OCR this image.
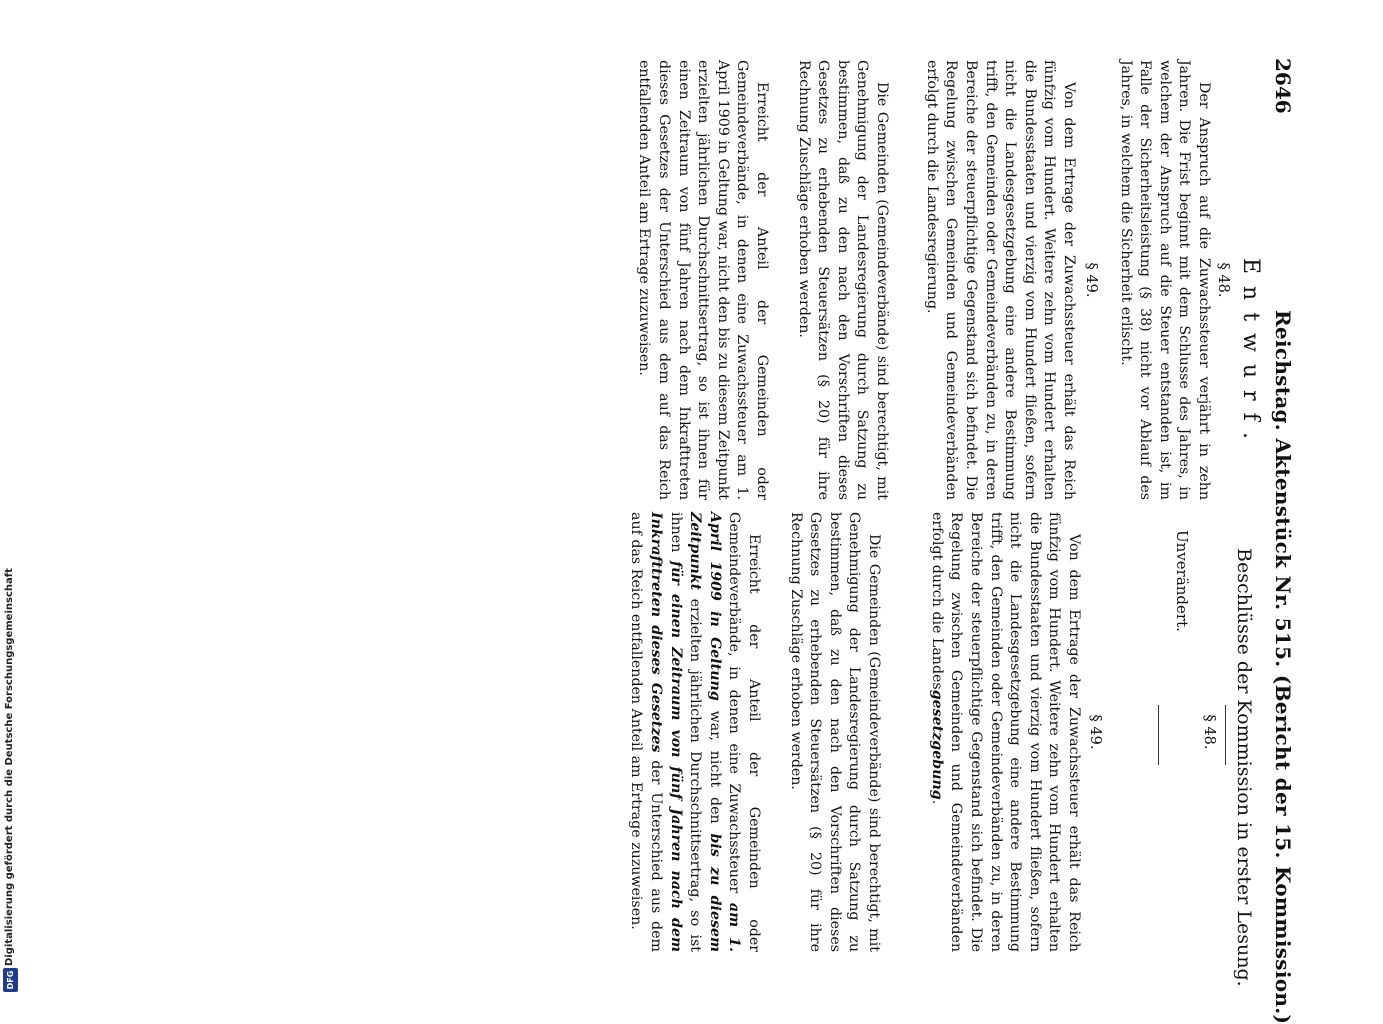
2646
Reichstag. Aktenstück Nr. 515. (Bericht der 15. Kommission.)
Entwurf.
§ 48.

Der Anspruch auf die Zuwachssteuer verjährt in zehn Jahren. Die Frist beginnt mit dem Schlusse des Jahres, in welchem der Anspruch auf die Steuer entstanden ist, im Falle der Sicherheitsleistung (§ 38) nicht vor Ablauf des Jahres, in welchem die Sicherheit erlischt.

§ 49.

Von dem Ertrage der Zuwachssteuer erhält das Reich fünfzig vom Hundert. Weitere zehn vom Hundert erhalten die Bundesstaaten und vierzig vom Hundert fließen, sofern nicht die Landesgesetzgebung eine andere Bestimmung trifft, den Gemeinden oder Gemeindeverbänden zu, in deren Bereiche der steuerpflichtige Gegenstand sich befindet. Die Regelung zwischen Gemeinden und Gemeindeverbänden erfolgt durch die Landesregierung.

Die Gemeinden (Gemeindeverbände) sind berechtigt, mit Genehmigung der Landesregierung durch Satzung zu bestimmen, daß zu den nach den Vorschriften dieses Gesetzes zu erhebenden Steuersätzen (§ 20) für ihre Rechnung Zuschläge erhoben werden.

Erreicht der Anteil der Gemeinden oder Gemeindeverbände, in denen eine Zuwachssteuer am 1. April 1909 in Geltung war, nicht den bis zu diesem Zeitpunkt erzielten jährlichen Durchschnittsertrag, so ist ihnen für einen Zeitraum von fünf Jahren nach dem Inkrafttreten dieses Gesetzes der Unterschied aus dem auf das Reich entfallenden Anteil am Ertrage zuzuweisen.

Beschlüsse der Kommission in erster Lesung.
§ 48.
Unverändert.
§ 49.

Von dem Ertrage der Zuwachssteuer erhält das Reich fünfzig vom Hundert. Weitere zehn vom Hundert erhalten die Bundesstaaten und vierzig vom Hundert fließen, sofern nicht die Landesgesetzgebung eine andere Bestimmung trifft, den Gemeinden oder Gemeindeverbänden zu, in deren Bereiche der steuerpflichtige Gegenstand sich befindet. Die Regelung zwischen Gemeinden und Gemeindeverbänden erfolgt durch die Landesgesetzgebung.

Die Gemeinden (Gemeindeverbände) sind berechtigt, mit Genehmigung der Landesregierung durch Satzung zu bestimmen, daß zu den nach den Vorschriften dieses Gesetzes zu erhebenden Steuersätzen (§ 20) für ihre Rechnung Zuschläge erhoben werden.

Erreicht der Anteil der Gemeinden oder Gemeindeverbände, in denen eine Zuwachssteuer am 1. April 1909 in Geltung war, nicht den bis zu diesem Zeitpunkt erzielten jährlichen Durchschnittsertrag, so ist ihnen für einen Zeitraum von fünf Jahren nach dem Inkrafttreten dieses Gesetzes der Unterschied aus dem auf das Reich entfallenden Anteil am Ertrage zuzuweisen.

Digitalisierung gefördert durch die Deutsche Forschungsgemeinschaft
DFG
